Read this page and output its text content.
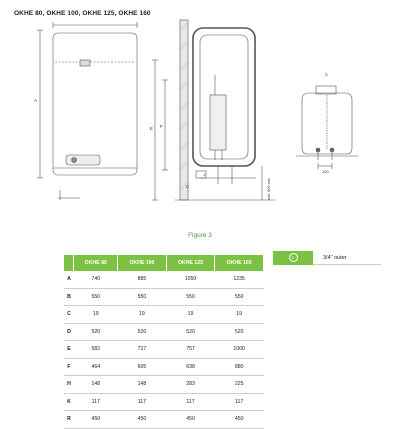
OKHE 80, OKHE 100, OKHE 125, OKHE 160
A
E F
C
1
min. 800 mm
S
100
Figure 3
	OKHE 80	OKHE 100	OKHE 125	OKHE 160
A	740	885	1050	1235
B	550	550	550	550
C	19	19	19	19
D	520	520	520	520
E	582	727	757	1000
F	464	605	638	880
H	148	148	283	225
K	117	117	117	117
R	450	450	450	450
1	3/4" outer
